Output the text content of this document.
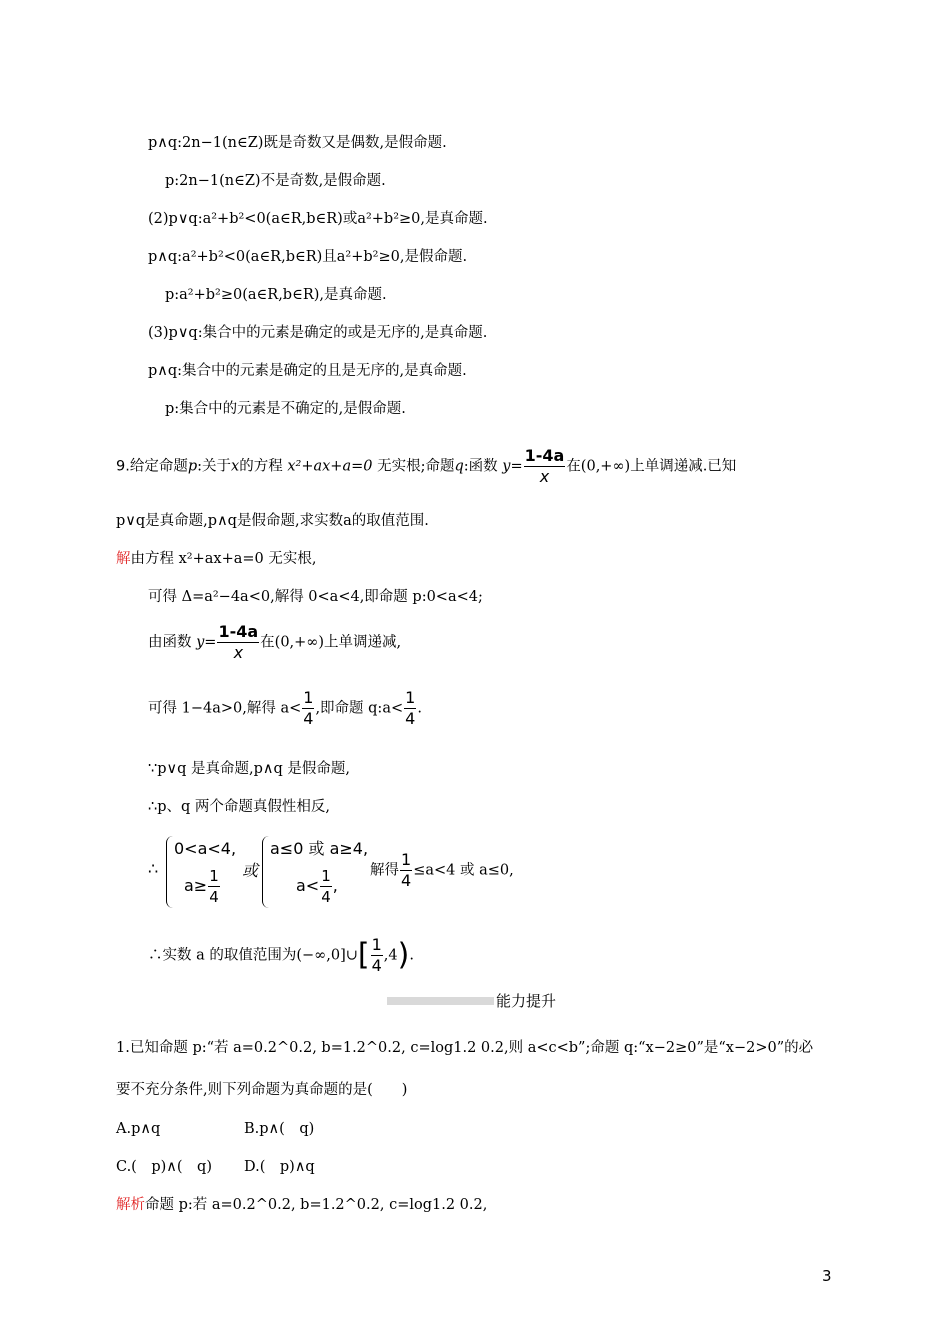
p∧q:2n−1(n∈Z)既是奇数又是偶数,是假命题.
p:2n−1(n∈Z)不是奇数,是假命题.
(2)p∨q:a²+b²<0(a∈R,b∈R)或a²+b²≥0,是真命题.
p∧q:a²+b²<0(a∈R,b∈R)且a²+b²≥0,是假命题.
p:a²+b²≥0(a∈R,b∈R),是真命题.
(3)p∨q:集合中的元素是确定的或是无序的,是真命题.
p∧q:集合中的元素是确定的且是无序的,是真命题.
p:集合中的元素是不确定的,是假命题.
9.给定命题p:关于x的方程 x²+ax+a=0 无实根;命题q:函数 $y= \frac{1-4a}{x}$ 在(0,+∞)上单调递减.已知
p∨q是真命题,p∧q是假命题,求实数a的取值范围.
解由方程 x²+ax+a=0 无实根,
可得 Δ=a²−4a<0,解得 0<a<4,即命题 p:0<a<4;
由函数 $y= \frac{1-4a}{x}$ 在(0,+∞)上单调递减,
可得 1−4a>0,解得 $a< \frac{1}{4}$ ,即命题 q:a< $\frac{1}{4}$ .
∵p∨q 是真命题,p∧q 是假命题,
∴p、q 两个命题真假性相反,
∴
0<a<4,
$a\ge \frac{1}{4}$ 或
a≤0 或 a≥4,
$a< \frac{1}{4}$ ,
解得 $\frac{1}{4} \le a<4$ 或 a≤0,
∴实数 a 的取值范围为(−∞,0]∪[ $\frac{1}{4} ,4$).
能力提升
1.已知命题 p:“若 a=0.2^0.2, b=1.2^0.2, c=log1.2 0.2,则 a<c<b”;命题 q:“x−2≥0”是“x−2>0”的必
要不充分条件,则下列命题为真命题的是(　　)
A.p∧q	B.p∧(　q)
C.(　p)∧(　q) D.(　p)∧q
解析命题 p:若 a=0.2^0.2, b=1.2^0.2, c=log1.2 0.2,
3
